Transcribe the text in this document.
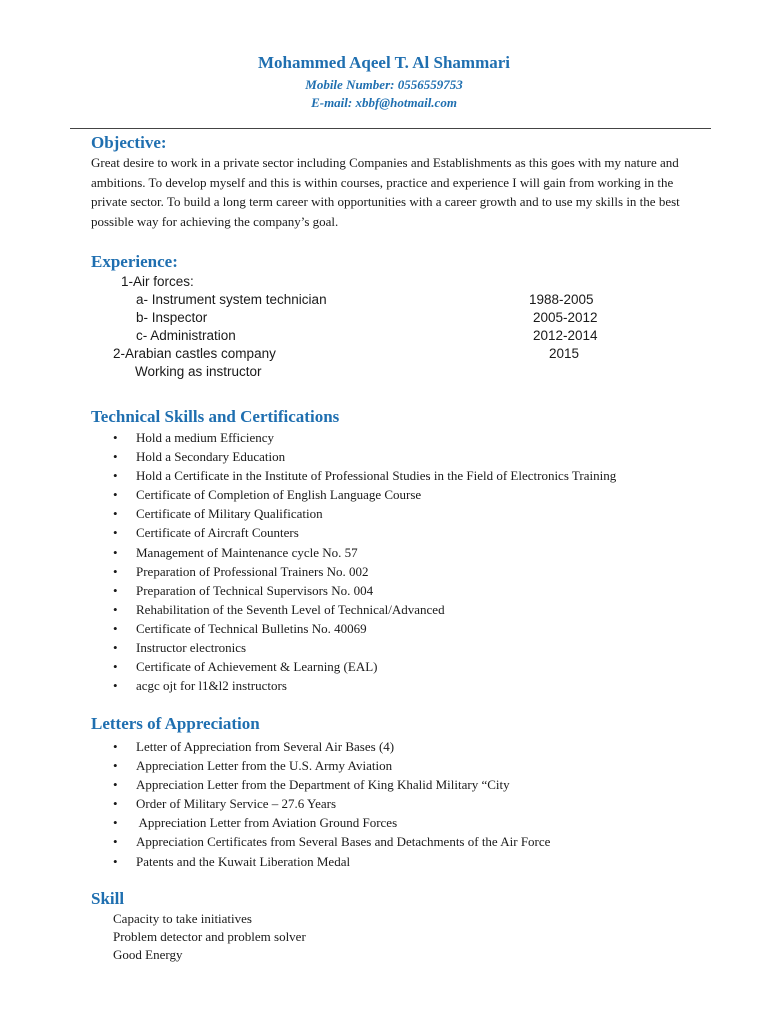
Mohammed Aqeel T. Al Shammari
Mobile Number: 0556559753
E-mail: xbbf@hotmail.com
Objective:

Great desire to work in a private sector including Companies and Establishments as this goes with my nature and ambitions. To develop myself and this is within courses, practice and experience I will gain from working in the private sector. To build a long term career with opportunities with a career growth and to use my skills in the best possible way for achieving the company’s goal.

Experience:
1-Air forces:
a- Instrument system technician	1988-2005
b- Inspector	2005-2012
c- Administration	2012-2014
2-Arabian castles company	2015
Working as instructor
Technical Skills and Certifications
• Hold a medium Efficiency
• Hold a Secondary Education
• Hold a Certificate in the Institute of Professional Studies in the Field of Electronics Training
• Certificate of Completion of English Language Course
• Certificate of Military Qualification
• Certificate of Aircraft Counters
• Management of Maintenance cycle No. 57
• Preparation of Professional Trainers No. 002
• Preparation of Technical Supervisors No. 004
• Rehabilitation of the Seventh Level of Technical/Advanced
• Certificate of Technical Bulletins No. 40069
• Instructor electronics
• Certificate of Achievement & Learning (EAL)
• acgc ojt for l1&l2 instructors
Letters of Appreciation
• Letter of Appreciation from Several Air Bases (4)
• Appreciation Letter from the U.S. Army Aviation
• Appreciation Letter from the Department of King Khalid Military “City
• Order of Military Service – 27.6 Years
•  Appreciation Letter from Aviation Ground Forces
• Appreciation Certificates from Several Bases and Detachments of the Air Force
• Patents and the Kuwait Liberation Medal
Skill
Capacity to take initiatives
Problem detector and problem solver
Good Energy
